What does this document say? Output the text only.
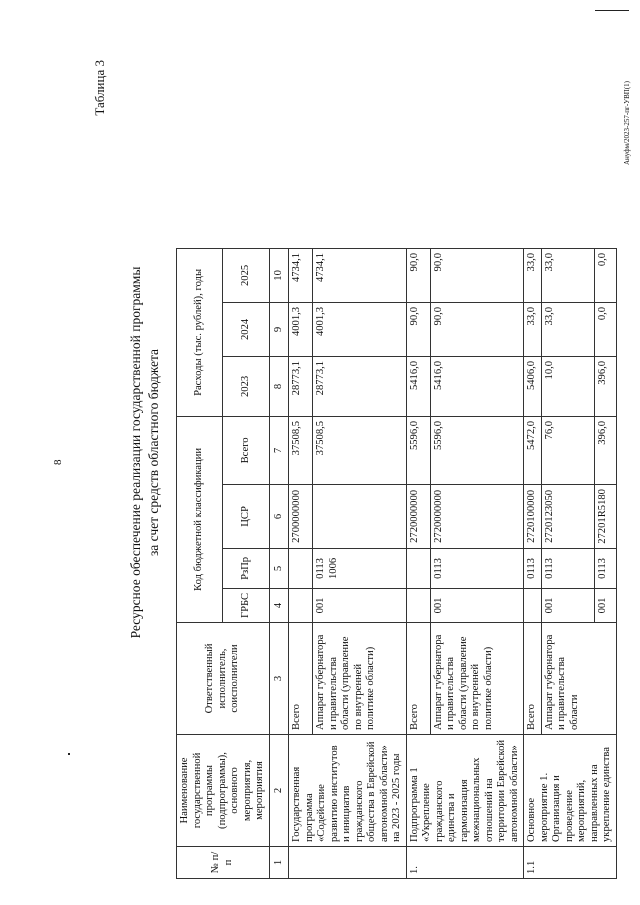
8
Таблица 3
Ресурсное обеспечение реализации государственной программы за счет средств областного бюджета
№ п/п	Наименование государственной программы (подпрограммы), основного мероприятия, мероприятия	Ответственный исполнитель, соисполнители	Код бюджетной классификации				Расходы (тыс. рублей), годы		
			ГРБС	РзПр	ЦСР	Всего	2023	2024	2025
1	2	3	4	5	6	7	8	9	10
	Государственная программа «Содействие развитию институтов и инициатив гражданского общества в Еврейской автономной области» на 2023 - 2025 годы	Всего			2700000000	37508,5	28773,1	4001,3	4734,1
		Аппарат губернатора и правительства области (управление по внутренней политике области)	001	0113 1006		37508,5	28773,1	4001,3	4734,1
1.	Подпрограмма 1 «Укрепление гражданского единства и гармонизация межнациональных отношений на территории Еврейской автономной области»	Всего			2720000000	5596,0	5416,0	90,0	90,0
		Аппарат губернатора и правительства области (управление по внутренней политике области)	001	0113	2720000000	5596,0	5416,0	90,0	90,0
1.1	Основное мероприятие 1. Организация и проведение мероприятий, направленных на укрепление единства	Всего		0113	2720100000	5472,0	5406,0	33,0	33,0
		Аппарат губернатора и правительства области	001	0113	2720123050	76,0	10,0	33,0	33,0
			001	0113	27201R5180	396,0	396,0	0,0	0,0
Ануфм/2023-257-пг-УВП(1)
